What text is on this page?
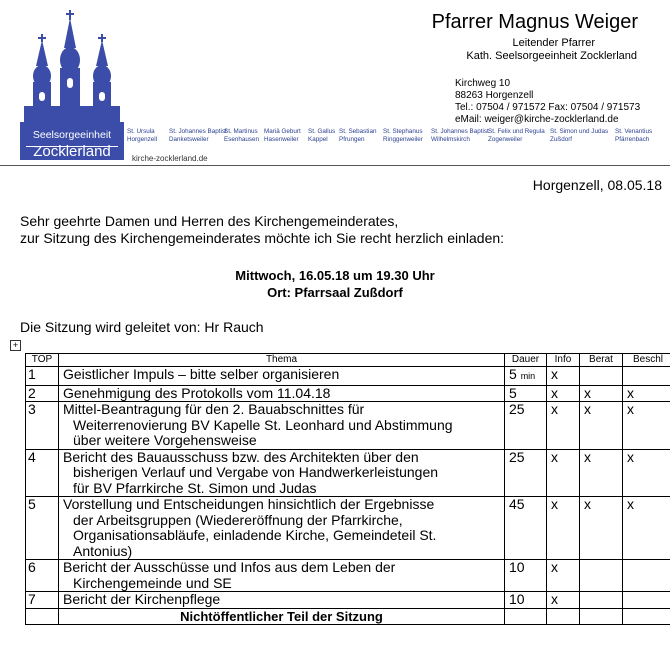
Seelsorgeeinheit
Zocklerland
Pfarrer Magnus Weiger
Leitender Pfarrer
Kath. Seelsorgeeinheit Zocklerland
Kirchweg 10
88263 Horgenzell
Tel.: 07504 / 971572 Fax: 07504 / 971573
eMail: weiger@kirche-zocklerland.de
St. Ursula
Horgenzell
St. Johannes Baptist
Danketsweiler
St. Martinus
Esenhausen
Mariä Geburt
Hasenweiler
St. Gallus
Kappel
St. Sebastian
Pfrungen
St. Stephanus
Ringgenweiler
St. Johannes Baptist
Wilhelmskirch
St. Felix und Regula
Zogenweiler
St. Simon und Judas
Zußdorf
St. Venantius
Pfärrenbach
kirche-zocklerland.de
Horgenzell, 08.05.18
Sehr geehrte Damen und Herren des Kirchengemeinderates,
zur Sitzung des Kirchengemeinderates möchte ich Sie recht herzlich einladen:
Mittwoch, 16.05.18 um 19.30 Uhr
Ort: Pfarrsaal Zußdorf
Die Sitzung wird geleitet von: Hr Rauch
+
TOP	Thema	Dauer	Info	Berat	Beschl
1	Geistlicher Impuls – bitte selber organisieren	5 min	x		
2	Genehmigung des Protokolls vom 11.04.18	5	x	x	x
3	Mittel-Beantragung für den 2. Bauabschnittes für

Weiterrenovierung BV Kapelle St. Leonhard und Abstimmung
über weitere Vorgehensweise	25	x	x	x
4	Bericht des Bauausschuss bzw. des Architekten über den

bisherigen Verlauf und Vergabe von Handwerkerleistungen
für BV Pfarrkirche St. Simon und Judas	25	x	x	x
5	Vorstellung und Entscheidungen hinsichtlich der Ergebnisse

der Arbeitsgruppen (Wiedereröffnung der Pfarrkirche,
Organisationsabläufe, einladende Kirche, Gemeindeteil St.
Antonius)	45	x	x	x
6	Bericht der Ausschüsse und Infos aus dem Leben der

Kirchengemeinde und SE	10	x		
7	Bericht der Kirchenpflege	10	x		
	Nichtöffentlicher Teil der Sitzung				
